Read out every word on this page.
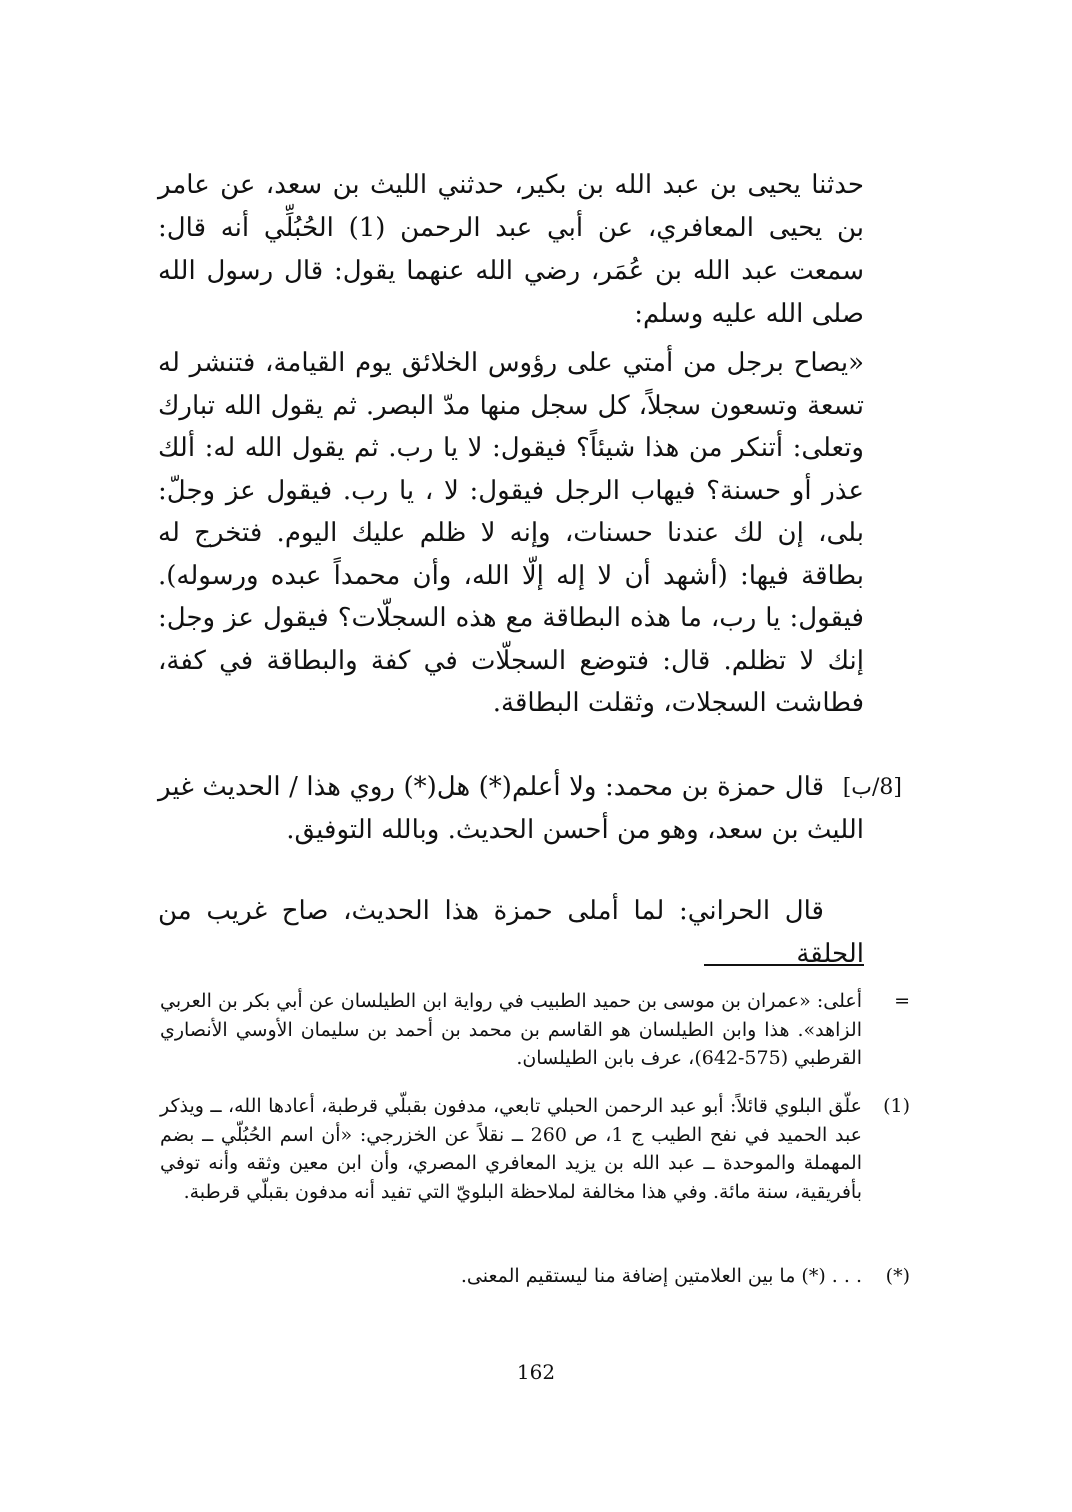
حدثنا يحيى بن عبد الله بن بكير، حدثني الليث بن سعد، عن عامر بن يحيى المعافري، عن أبي عبد الرحمن (1) الحُبُلِّي أنه قال: سمعت عبد الله بن عُمَر، رضي الله عنهما يقول: قال رسول الله صلى الله عليه وسلم:
«يصاح برجل من أمتي على رؤوس الخلائق يوم القيامة، فتنشر له تسعة وتسعون سجلاً، كل سجل منها مدّ البصر. ثم يقول الله تبارك وتعلى: أتنكر من هذا شيئاً؟ فيقول: لا يا رب. ثم يقول الله له: ألك عذر أو حسنة؟ فيهاب الرجل فيقول: لا ، يا رب. فيقول عز وجلّ: بلى، إن لك عندنا حسنات، وإنه لا ظلم عليك اليوم. فتخرج له بطاقة فيها: (أشهد أن لا إله إلّا الله، وأن محمداً عبده ورسوله). فيقول: يا رب، ما هذه البطاقة مع هذه السجلّات؟ فيقول عز وجل: إنك لا تظلم. قال: فتوضع السجلّات في كفة والبطاقة في كفة، فطاشت السجلات، وثقلت البطاقة.
[8/ب]

قال حمزة بن محمد: ولا أعلم(*) هل(*) روي هذا / الحديث غير الليث بن سعد، وهو من أحسن الحديث. وبالله التوفيق.

قال الحراني: لما أملى حمزة هذا الحديث، صاح غريب من الحلقة
=
أعلى: «عمران بن موسى بن حميد الطبيب في رواية ابن الطيلسان عن أبي بكر بن العربي الزاهد». هذا وابن الطيلسان هو القاسم بن محمد بن أحمد بن سليمان الأوسي الأنصاري القرطبي (575-642)، عرف بابن الطيلسان.
(1)
علّق البلوي قائلاً: أبو عبد الرحمن الحبلي تابعي، مدفون بقبلّي قرطبة، أعادها الله، ــ ويذكر عبد الحميد في نفح الطيب ج 1، ص 260 ــ نقلاً عن الخزرجي: «أن اسم الحُبُلّي ــ بضم المهملة والموحدة ــ عبد الله بن يزيد المعافري المصري، وأن ابن معين وثقه وأنه توفي بأفريقية، سنة مائة. وفي هذا مخالفة لملاحظة البلويّ التي تفيد أنه مدفون بقبلّي قرطبة.
(*)
. . . (*) ما بين العلامتين إضافة منا ليستقيم المعنى.
162
